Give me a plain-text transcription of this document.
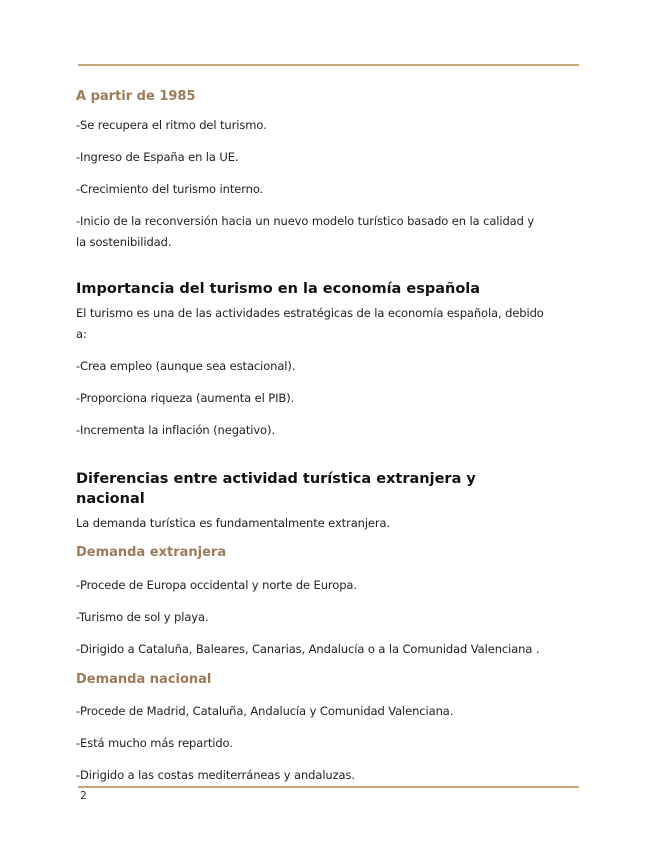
A partir de 1985

-Se recupera el ritmo del turismo.

-Ingreso de España en la UE.

-Crecimiento del turismo interno.

-Inicio de la reconversión hacia un nuevo modelo turístico basado en la calidad y la sostenibilidad.

Importancia del turismo en la economía española

El turismo es una de las actividades estratégicas de la economía española, debido a:

-Crea empleo (aunque sea estacional).

-Proporciona riqueza (aumenta el PIB).

-Incrementa la inflación (negativo).

Diferencias entre actividad turística extranjera y nacional

La demanda turística es fundamentalmente extranjera.

Demanda extranjera

-Procede de Europa occidental y norte de Europa.

-Turismo de sol y playa.

-Dirigido a Cataluña, Baleares, Canarias, Andalucía o a la Comunidad Valenciana .

Demanda nacional

-Procede de Madrid, Cataluña, Andalucía y Comunidad Valenciana.

-Está mucho más repartido.

-Dirigido a las costas mediterráneas y andaluzas.

2
